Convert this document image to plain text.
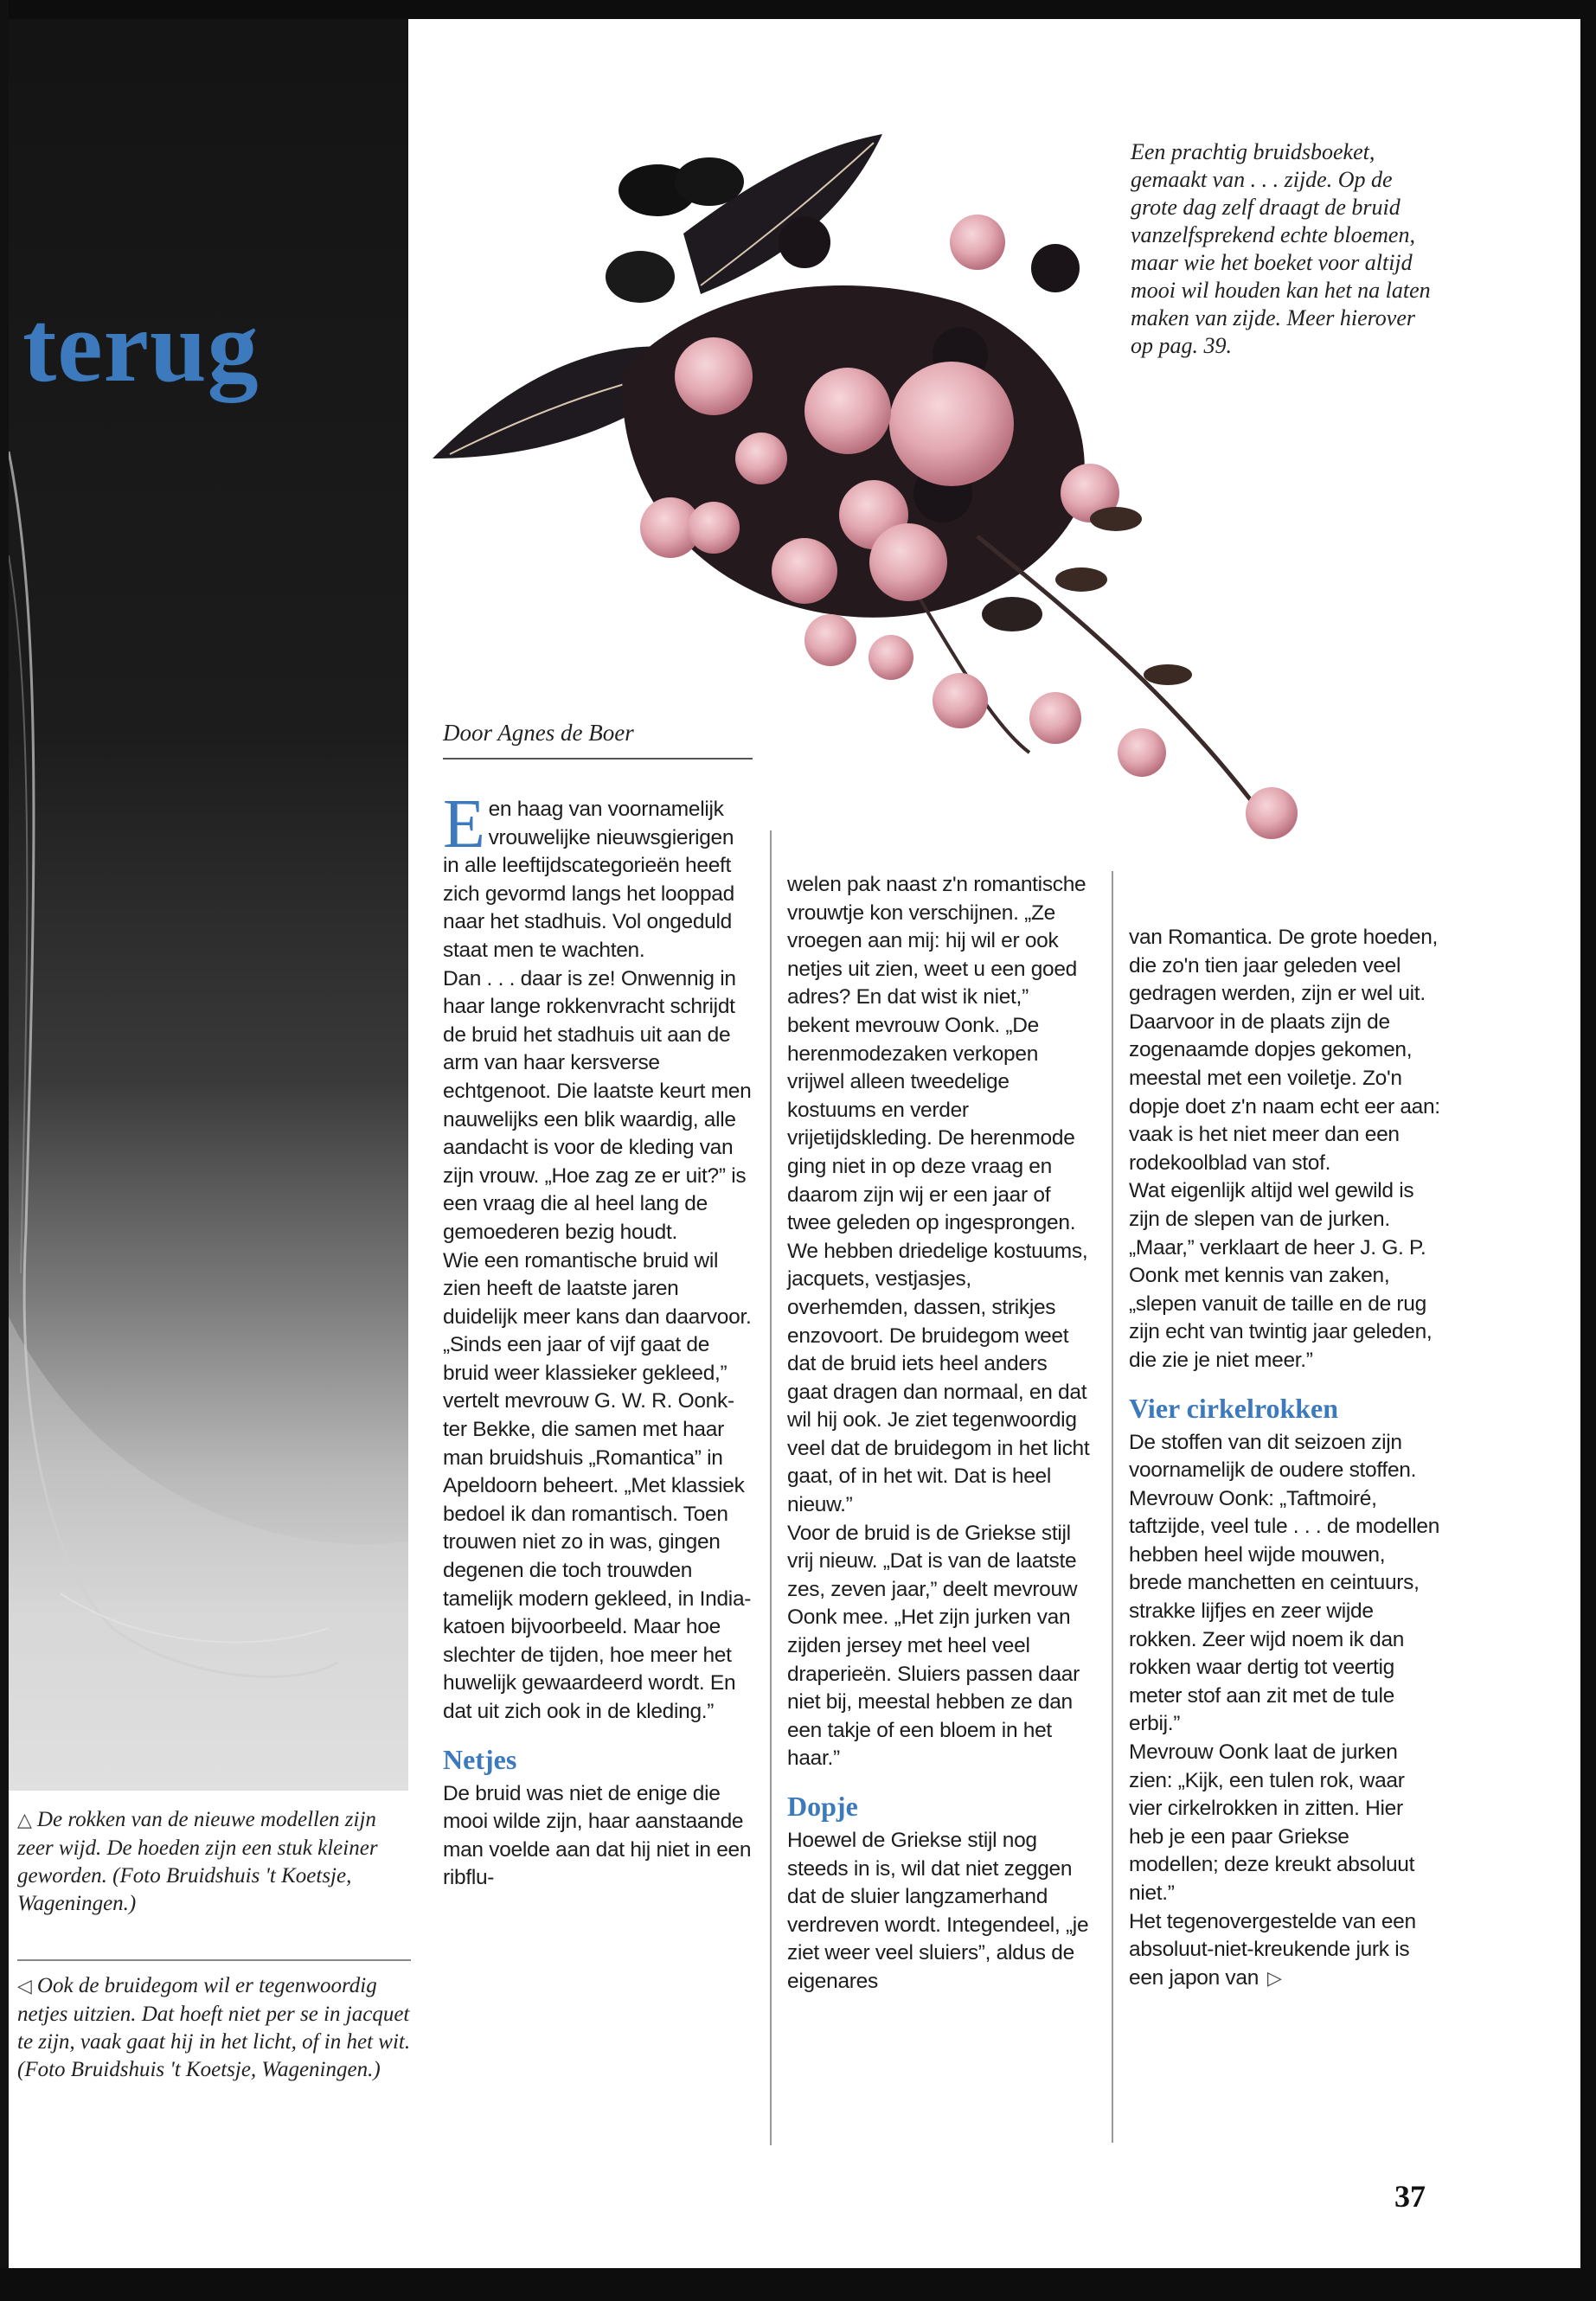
terug
Een prachtig bruidsboeket, gemaakt van . . . zijde. Op de grote dag zelf draagt de bruid vanzelfsprekend echte bloemen, maar wie het boeket voor altijd mooi wil houden kan het na laten maken van zijde. Meer hierover op pag. 39.
Door Agnes de Boer
E en haag van voornamelijk vrouwelijke nieuwsgierigen in alle leeftijdscategorieën heeft zich gevormd langs het looppad naar het stadhuis. Vol ongeduld staat men te wachten.

Dan . . . daar is ze! Onwennig in haar lange rokkenvracht schrijdt de bruid het stadhuis uit aan de arm van haar kersverse echtgenoot. Die laatste keurt men nauwelijks een blik waardig, alle aandacht is voor de kleding van zijn vrouw. „Hoe zag ze er uit?” is een vraag die al heel lang de gemoederen bezig houdt.

Wie een romantische bruid wil zien heeft de laatste jaren duidelijk meer kans dan daarvoor. „Sinds een jaar of vijf gaat de bruid weer klassieker gekleed,” vertelt mevrouw G. W. R. Oonk-ter Bekke, die samen met haar man bruidshuis „Romantica” in Apeldoorn beheert. „Met klassiek bedoel ik dan romantisch. Toen trouwen niet zo in was, gingen degenen die toch trouwden tamelijk modern gekleed, in India-katoen bijvoorbeeld. Maar hoe slechter de tijden, hoe meer het huwelijk gewaardeerd wordt. En dat uit zich ook in de kleding.”

Netjes

De bruid was niet de enige die mooi wilde zijn, haar aanstaande man voelde aan dat hij niet in een ribflu-

welen pak naast z'n romantische vrouwtje kon verschijnen. „Ze vroegen aan mij: hij wil er ook netjes uit zien, weet u een goed adres? En dat wist ik niet,” bekent mevrouw Oonk. „De herenmodezaken verkopen vrijwel alleen tweedelige kostuums en verder vrijetijdskleding. De herenmode ging niet in op deze vraag en daarom zijn wij er een jaar of twee geleden op ingesprongen. We hebben driedelige kostuums, jacquets, vestjasjes, overhemden, dassen, strikjes enzovoort. De bruidegom weet dat de bruid iets heel anders gaat dragen dan normaal, en dat wil hij ook. Je ziet tegenwoordig veel dat de bruidegom in het licht gaat, of in het wit. Dat is heel nieuw.”

Voor de bruid is de Griekse stijl vrij nieuw. „Dat is van de laatste zes, zeven jaar,” deelt mevrouw Oonk mee. „Het zijn jurken van zijden jersey met heel veel draperieën. Sluiers passen daar niet bij, meestal hebben ze dan een takje of een bloem in het haar.”

Dopje

Hoewel de Griekse stijl nog steeds in is, wil dat niet zeggen dat de sluier langzamerhand verdreven wordt. Integendeel, „je ziet weer veel sluiers”, aldus de eigenares

van Romantica. De grote hoeden, die zo'n tien jaar geleden veel gedragen werden, zijn er wel uit. Daarvoor in de plaats zijn de zogenaamde dopjes gekomen, meestal met een voiletje. Zo'n dopje doet z'n naam echt eer aan: vaak is het niet meer dan een rodekoolblad van stof.

Wat eigenlijk altijd wel gewild is zijn de slepen van de jurken. „Maar,” verklaart de heer J. G. P. Oonk met kennis van zaken, „slepen vanuit de taille en de rug zijn echt van twintig jaar geleden, die zie je niet meer.”

Vier cirkelrokken

De stoffen van dit seizoen zijn voornamelijk de oudere stoffen. Mevrouw Oonk: „Taftmoiré, taftzijde, veel tule . . . de modellen hebben heel wijde mouwen, brede manchetten en ceintuurs, strakke lijfjes en zeer wijde rokken. Zeer wijd noem ik dan rokken waar dertig tot veertig meter stof aan zit met de tule erbij.”

Mevrouw Oonk laat de jurken zien: „Kijk, een tulen rok, waar vier cirkelrokken in zitten. Hier heb je een paar Griekse modellen; deze kreukt absoluut niet.”

Het tegenovergestelde van een absoluut-niet-kreukende jurk is een japon van ▷

△ De rokken van de nieuwe modellen zijn zeer wijd. De hoeden zijn een stuk kleiner geworden. (Foto Bruidshuis 't Koetsje, Wageningen.)
◁ Ook de bruidegom wil er tegenwoordig netjes uitzien. Dat hoeft niet per se in jacquet te zijn, vaak gaat hij in het licht, of in het wit. (Foto Bruidshuis 't Koetsje, Wageningen.)
37
